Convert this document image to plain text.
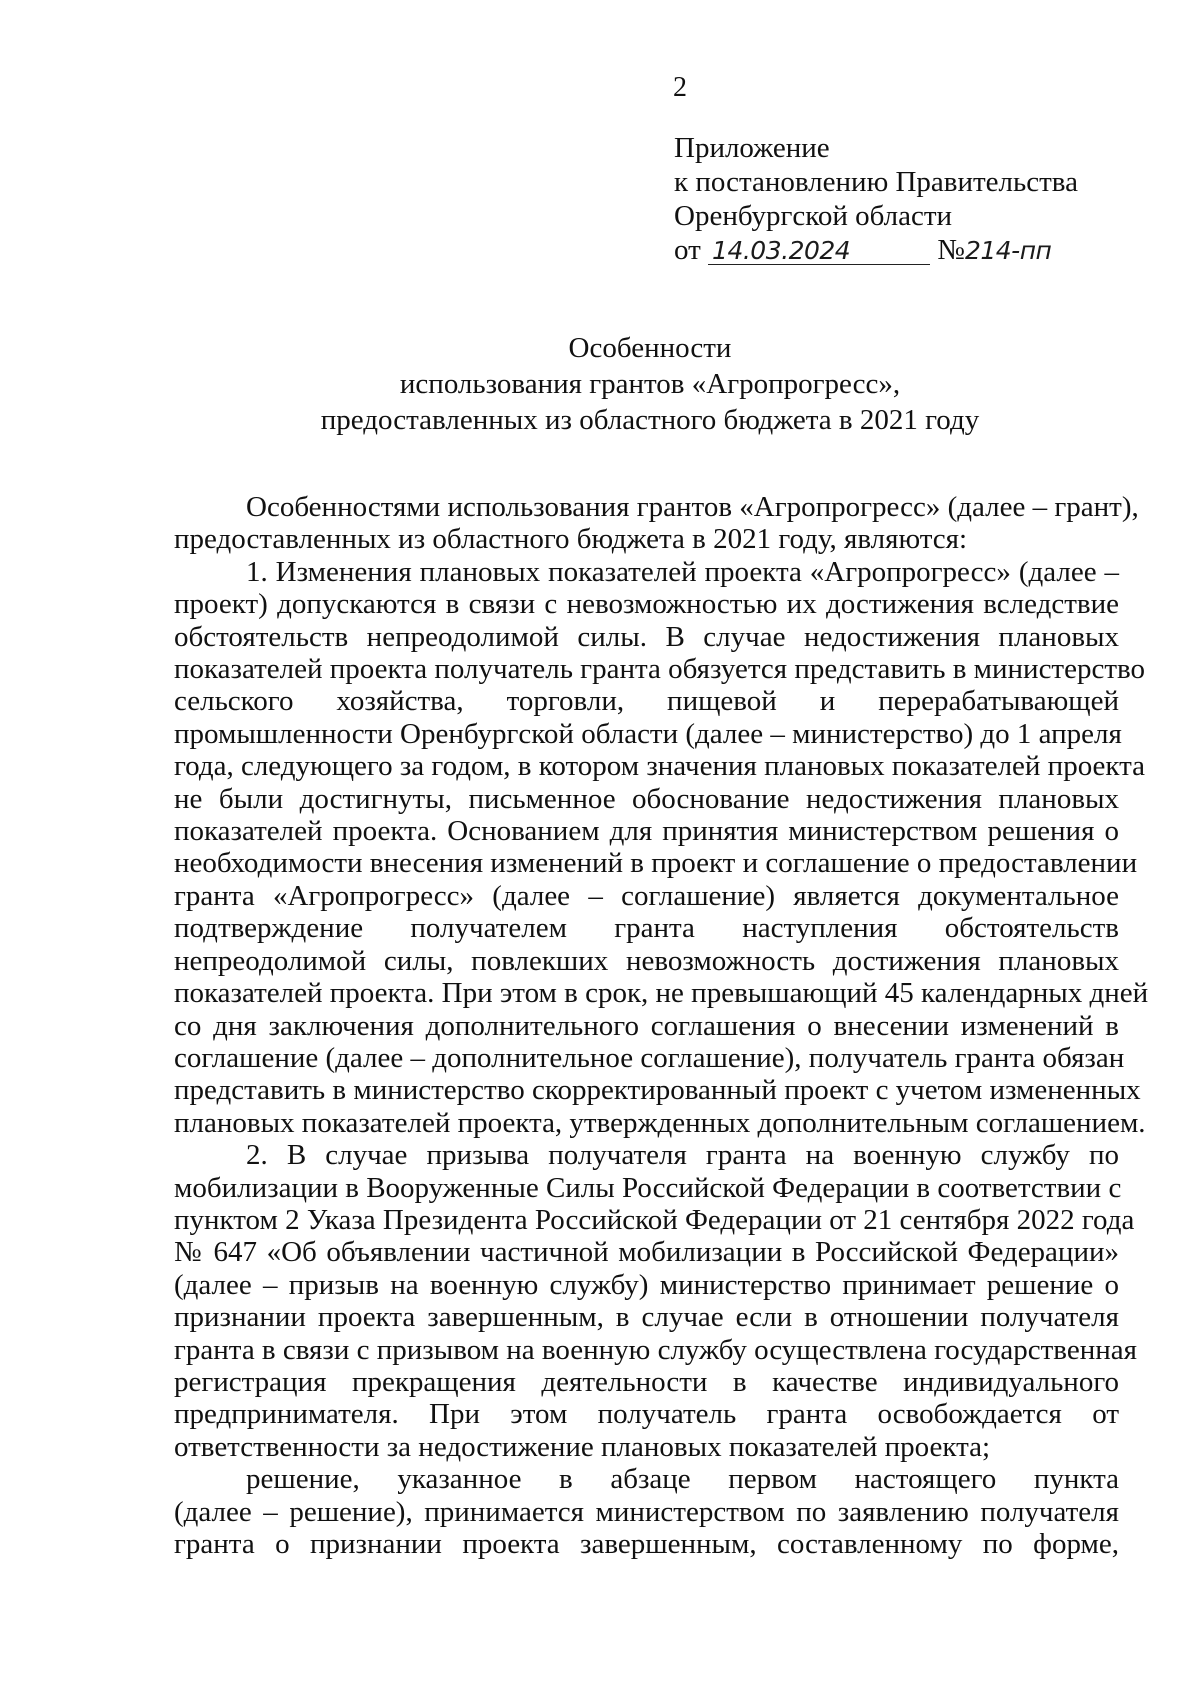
2
Приложение
к постановлению Правительства
Оренбургской области
от 14.03.2024	№214-пп
Особенности
использования грантов «Агропрогресс»,
предоставленных из областного бюджета в 2021 году
Особенностями использования грантов «Агропрогресс» (далее – грант),
предоставленных из областного бюджета в 2021 году, являются:
1. Изменения плановых показателей проекта «Агропрогресс» (далее –
проект) допускаются в связи с невозможностью их достижения вследствие
обстоятельств непреодолимой силы. В случае недостижения плановых
показателей проекта получатель гранта обязуется представить в министерство
сельского хозяйства, торговли, пищевой и перерабатывающей
промышленности Оренбургской области (далее – министерство) до 1 апреля
года, следующего за годом, в котором значения плановых показателей проекта
не были достигнуты, письменное обоснование недостижения плановых
показателей проекта. Основанием для принятия министерством решения о
необходимости внесения изменений в проект и соглашение о предоставлении
гранта «Агропрогресс» (далее – соглашение) является документальное
подтверждение получателем гранта наступления обстоятельств
непреодолимой силы, повлекших невозможность достижения плановых
показателей проекта. При этом в срок, не превышающий 45 календарных дней
со дня заключения дополнительного соглашения о внесении изменений в
соглашение (далее – дополнительное соглашение), получатель гранта обязан
представить в министерство скорректированный проект с учетом измененных
плановых показателей проекта, утвержденных дополнительным соглашением.
2. В случае призыва получателя гранта на военную службу по
мобилизации в Вооруженные Силы Российской Федерации в соответствии с
пунктом 2 Указа Президента Российской Федерации от 21 сентября 2022 года
№ 647 «Об объявлении частичной мобилизации в Российской Федерации»
(далее – призыв на военную службу) министерство принимает решение о
признании проекта завершенным, в случае если в отношении получателя
гранта в связи с призывом на военную службу осуществлена государственная
регистрация прекращения деятельности в качестве индивидуального
предпринимателя. При этом получатель гранта освобождается от
ответственности за недостижение плановых показателей проекта;
решение, указанное в абзаце первом настоящего пункта
(далее – решение), принимается министерством по заявлению получателя
гранта о признании проекта завершенным, составленному по форме,
